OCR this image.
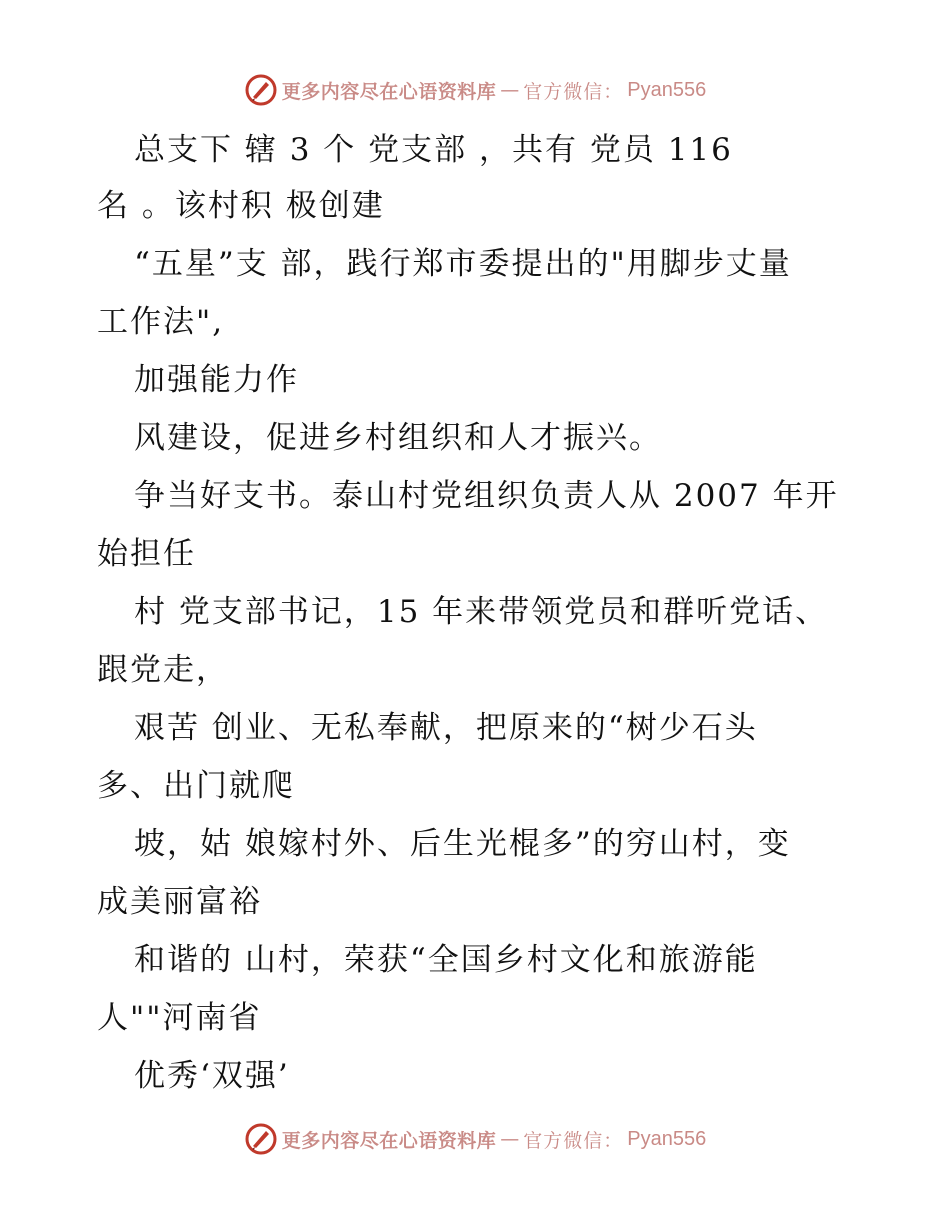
更多内容尽在心语资料库 — 官方微信： Pyan556
总支下 辖 3 个 党支部 ，共有 党员 116
名 。该村积 极创建
“五星”支 部，践行郑市委提出的"用脚步丈量
工作法",
加强能力作
风建设，促进乡村组织和人才振兴。
争当好支书。泰山村党组织负责人从 2007 年开
始担任
村 党支部书记，15 年来带领党员和群听党话、
跟党走，
艰苦 创业、无私奉献，把原来的“树少石头
多、出门就爬
坡，姑 娘嫁村外、后生光棍多”的穷山村，变
成美丽富裕
和谐的 山村，荣获“全国乡村文化和旅游能
人""河南省
优秀‘双强’
更多内容尽在心语资料库 — 官方微信： Pyan556
